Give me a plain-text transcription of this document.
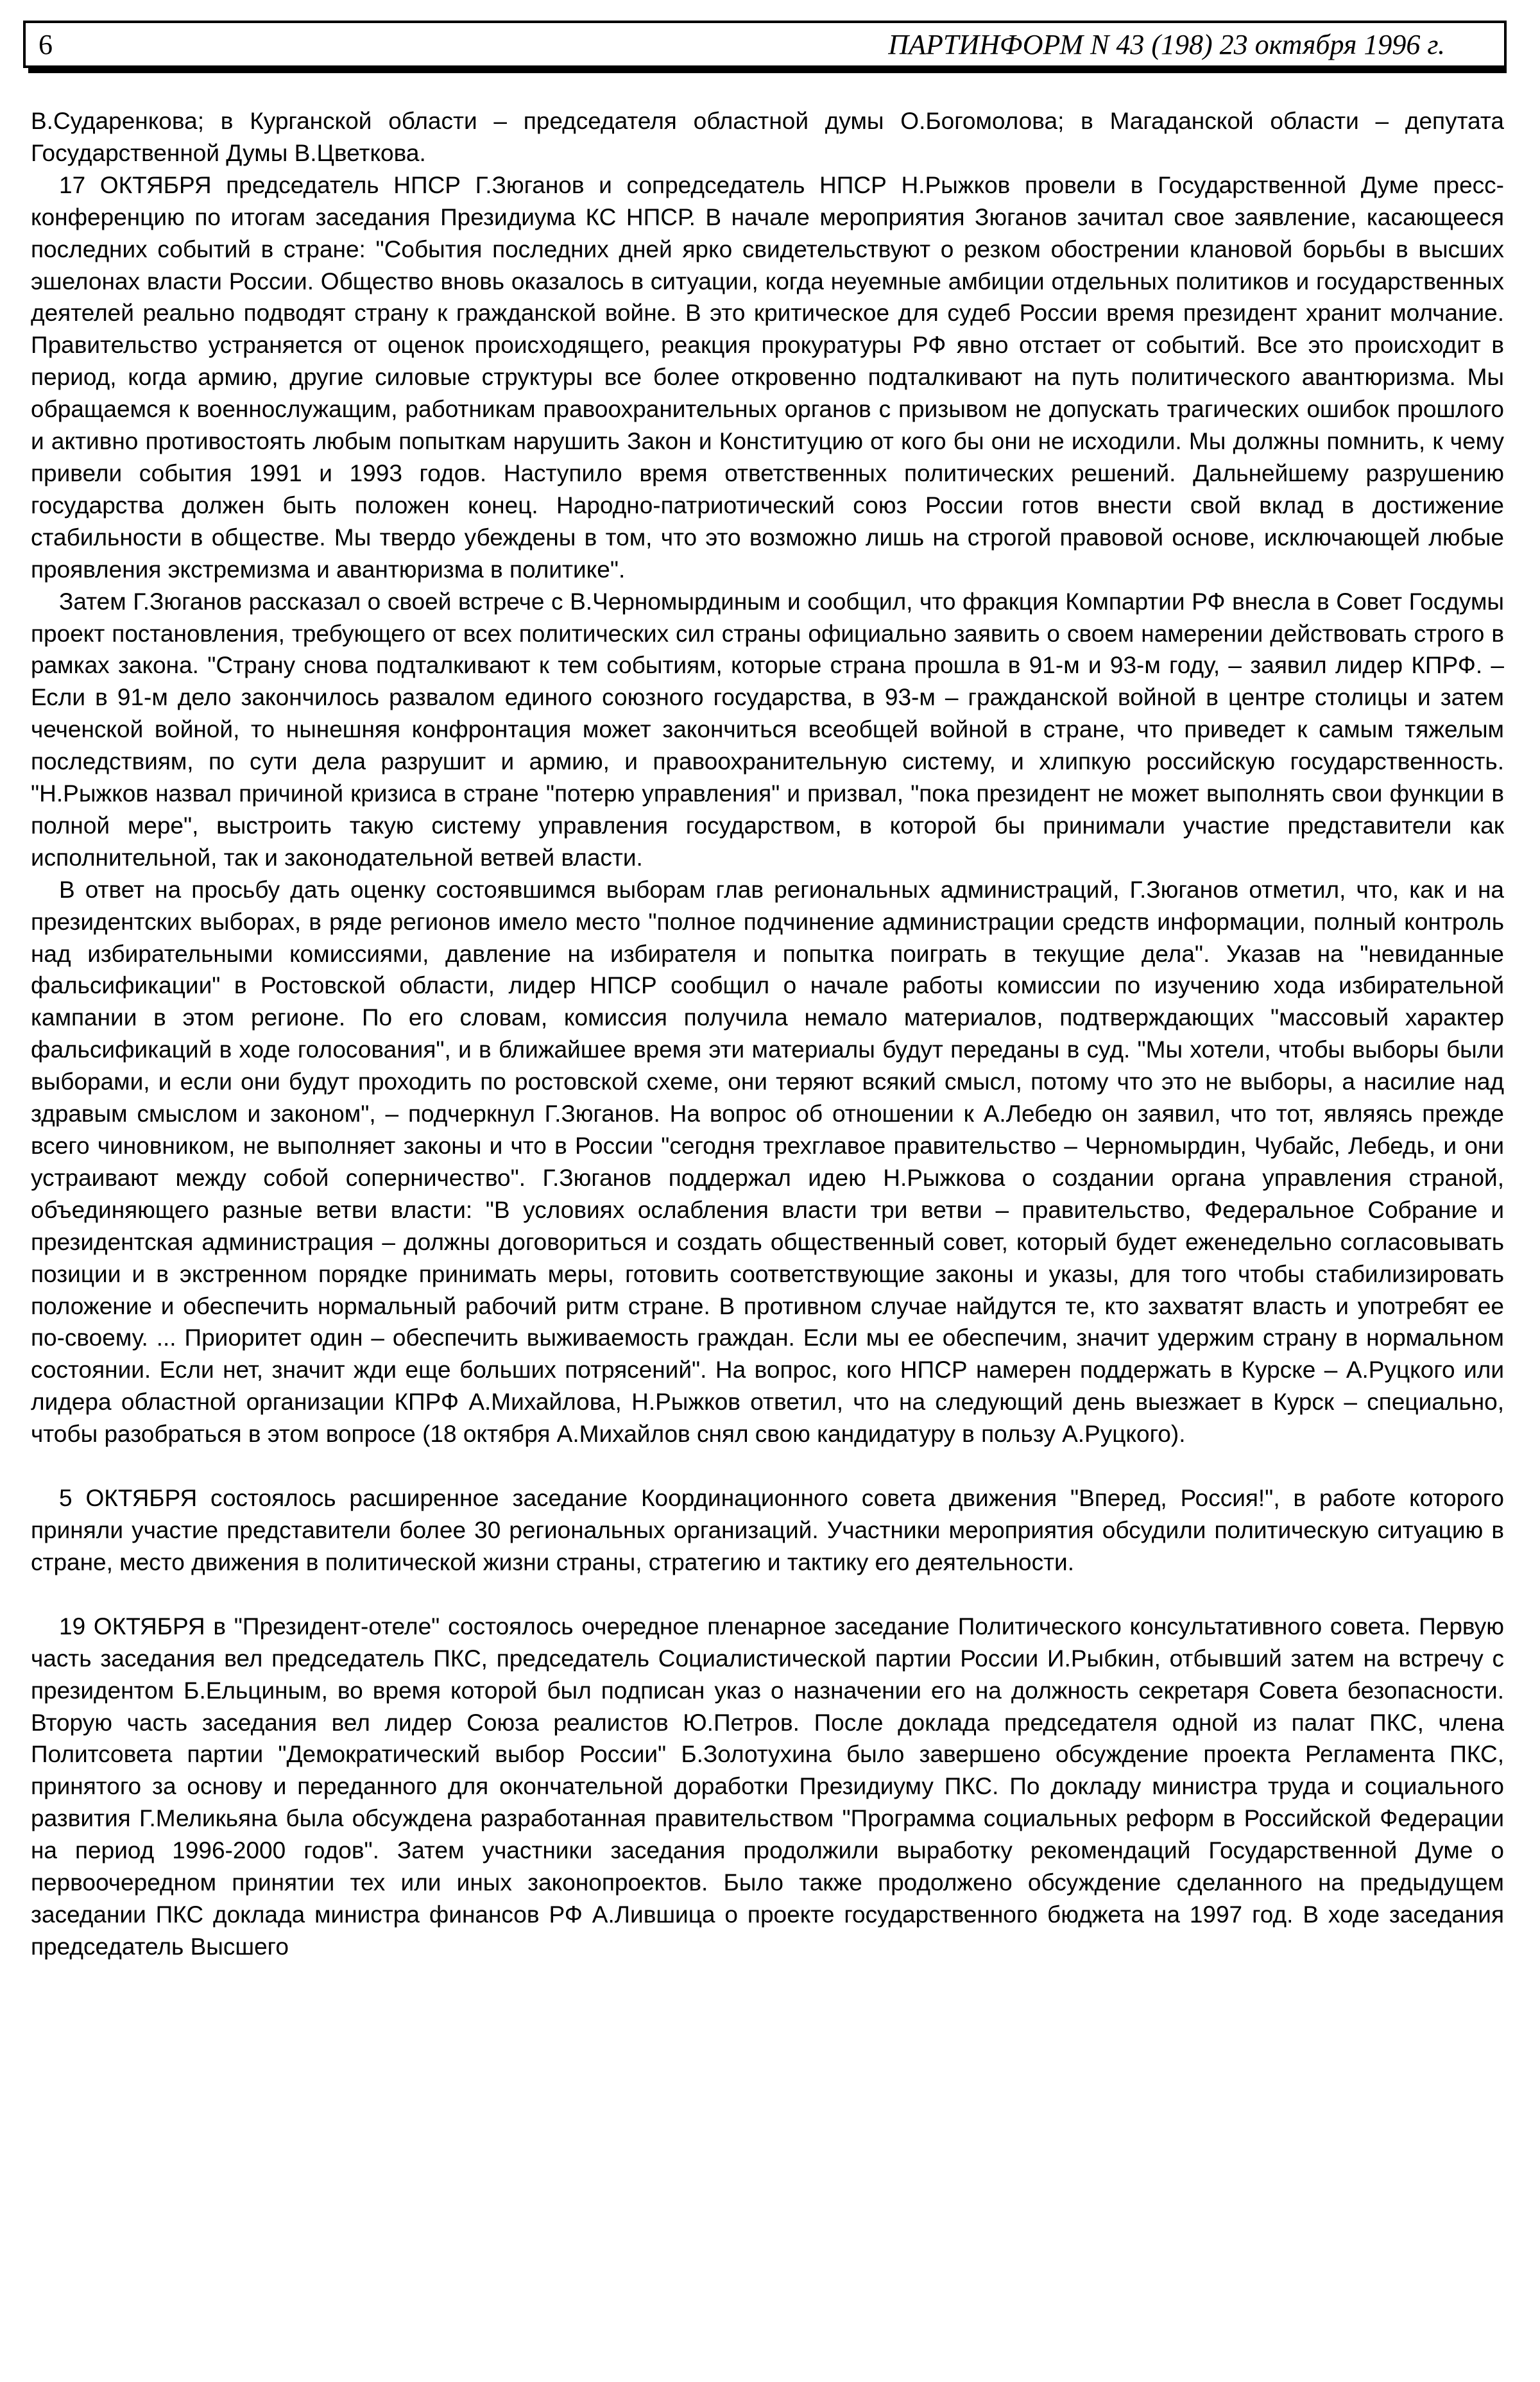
6	ПАРТИНФОРМ N 43 (198) 23 октября 1996 г.

В.Сударенкова; в Курганской области – председателя областной думы О.Богомолова; в Магаданской области – депутата Государственной Думы В.Цветкова.

17 ОКТЯБРЯ председатель НПСР Г.Зюганов и сопредседатель НПСР Н.Рыжков провели в Государственной Думе пресс-конференцию по итогам заседания Президиума КС НПСР. В начале мероприятия Зюганов зачитал свое заявление, касающееся последних событий в стране: "События последних дней ярко свидетельствуют о резком обострении клановой борьбы в высших эшелонах власти России. Общество вновь оказалось в ситуации, когда неуемные амбиции отдельных политиков и государственных деятелей реально подводят страну к гражданской войне. В это критическое для судеб России время президент хранит молчание. Правительство устраняется от оценок происходящего, реакция прокуратуры РФ явно отстает от событий. Все это происходит в период, когда армию, другие силовые структуры все более откровенно подталкивают на путь политического авантюризма. Мы обращаемся к военнослужащим, работникам правоохранительных органов с призывом не допускать трагических ошибок прошлого и активно противостоять любым попыткам нарушить Закон и Конституцию от кого бы они не исходили. Мы должны помнить, к чему привели события 1991 и 1993 годов. Наступило время ответственных политических решений. Дальнейшему разрушению государства должен быть положен конец. Народно-патриотический союз России готов внести свой вклад в достижение стабильности в обществе. Мы твердо убеждены в том, что это возможно лишь на строгой правовой основе, исключающей любые проявления экстремизма и авантюризма в политике".

Затем Г.Зюганов рассказал о своей встрече с В.Черномырдиным и сообщил, что фракция Компартии РФ внесла в Совет Госдумы проект постановления, требующего от всех политических сил страны официально заявить о своем намерении действовать строго в рамках закона. "Страну снова подталкивают к тем событиям, которые страна прошла в 91-м и 93-м году, – заявил лидер КПРФ. – Если в 91-м дело закончилось развалом единого союзного государства, в 93-м – гражданской войной в центре столицы и затем чеченской войной, то нынешняя конфронтация может закончиться всеобщей войной в стране, что приведет к самым тяжелым последствиям, по сути дела разрушит и армию, и правоохранительную систему, и хлипкую российскую государственность. "Н.Рыжков назвал причиной кризиса в стране "потерю управления" и призвал, "пока президент не может выполнять свои функции в полной мере", выстроить такую систему управления государством, в которой бы принимали участие представители как исполнительной, так и законодательной ветвей власти.

В ответ на просьбу дать оценку состоявшимся выборам глав региональных администраций, Г.Зюганов отметил, что, как и на президентских выборах, в ряде регионов имело место "полное подчинение администрации средств информации, полный контроль над избирательными комиссиями, давление на избирателя и попытка поиграть в текущие дела". Указав на "невиданные фальсификации" в Ростовской области, лидер НПСР сообщил о начале работы комиссии по изучению хода избирательной кампании в этом регионе. По его словам, комиссия получила немало материалов, подтверждающих "массовый характер фальсификаций в ходе голосования", и в ближайшее время эти материалы будут переданы в суд. "Мы хотели, чтобы выборы были выборами, и если они будут проходить по ростовской схеме, они теряют всякий смысл, потому что это не выборы, а насилие над здравым смыслом и законом", – подчеркнул Г.Зюганов. На вопрос об отношении к А.Лебедю он заявил, что тот, являясь прежде всего чиновником, не выполняет законы и что в России "сегодня трехглавое правительство – Черномырдин, Чубайс, Лебедь, и они устраивают между собой соперничество". Г.Зюганов поддержал идею Н.Рыжкова о создании органа управления страной, объединяющего разные ветви власти: "В условиях ослабления власти три ветви – правительство, Федеральное Собрание и президентская администрация – должны договориться и создать общественный совет, который будет еженедельно согласовывать позиции и в экстренном порядке принимать меры, готовить соответствующие законы и указы, для того чтобы стабилизировать положение и обеспечить нормальный рабочий ритм стране. В противном случае найдутся те, кто захватят власть и употребят ее по-своему. ... Приоритет один – обеспечить выживаемость граждан. Если мы ее обеспечим, значит удержим страну в нормальном состоянии. Если нет, значит жди еще больших потрясений". На вопрос, кого НПСР намерен поддержать в Курске – А.Руцкого или лидера областной организации КПРФ А.Михайлова, Н.Рыжков ответил, что на следующий день выезжает в Курск – специально, чтобы разобраться в этом вопросе (18 октября А.Михайлов снял свою кандидатуру в пользу А.Руцкого).

5 ОКТЯБРЯ состоялось расширенное заседание Координационного совета движения "Вперед, Россия!", в работе которого приняли участие представители более 30 региональных организаций. Участники мероприятия обсудили политическую ситуацию в стране, место движения в политической жизни страны, стратегию и тактику его деятельности.

19 ОКТЯБРЯ в "Президент-отеле" состоялось очередное пленарное заседание Политического консультативного совета. Первую часть заседания вел председатель ПКС, председатель Социалистической партии России И.Рыбкин, отбывший затем на встречу с президентом Б.Ельциным, во время которой был подписан указ о назначении его на должность секретаря Совета безопасности. Вторую часть заседания вел лидер Союза реалистов Ю.Петров. После доклада председателя одной из палат ПКС, члена Политсовета партии "Демократический выбор России" Б.Золотухина было завершено обсуждение проекта Регламента ПКС, принятого за основу и переданного для окончательной доработки Президиуму ПКС. По докладу министра труда и социального развития Г.Меликьяна была обсуждена разработанная правительством "Программа социальных реформ в Российской Федерации на период 1996-2000 годов". Затем участники заседания продолжили выработку рекомендаций Государственной Думе о первоочередном принятии тех или иных законопроектов. Было также продолжено обсуждение сделанного на предыдущем заседании ПКС доклада министра финансов РФ А.Лившица о проекте государственного бюджета на 1997 год. В ходе заседания председатель Высшего
